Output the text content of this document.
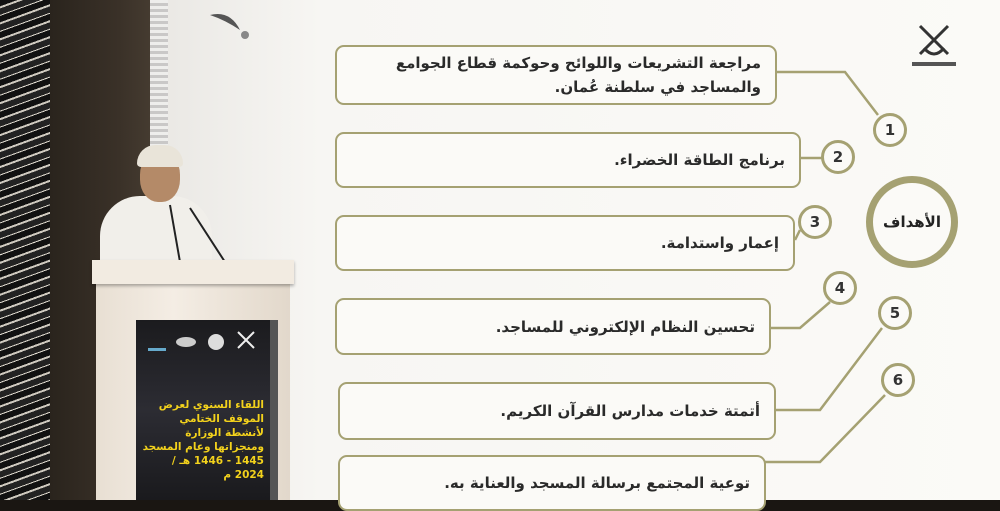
مراجعة التشريعات واللوائح وحوكمة قطاع الجوامع والمساجد في سلطنة عُمان.
برنامج الطاقة الخضراء.
إعمار واستدامة.
تحسين النظام الإلكتروني للمساجد.
أتمتة خدمات مدارس القرآن الكريم.
توعية المجتمع برسالة المسجد والعناية به.
1
2
3
4
5
6
الأهداف
اللقاء السنوي لعرض الموقف الختامي لأنشطة الوزارة ومنجزاتها وعام المسجد 1445 - 1446 هـ / 2024 م
